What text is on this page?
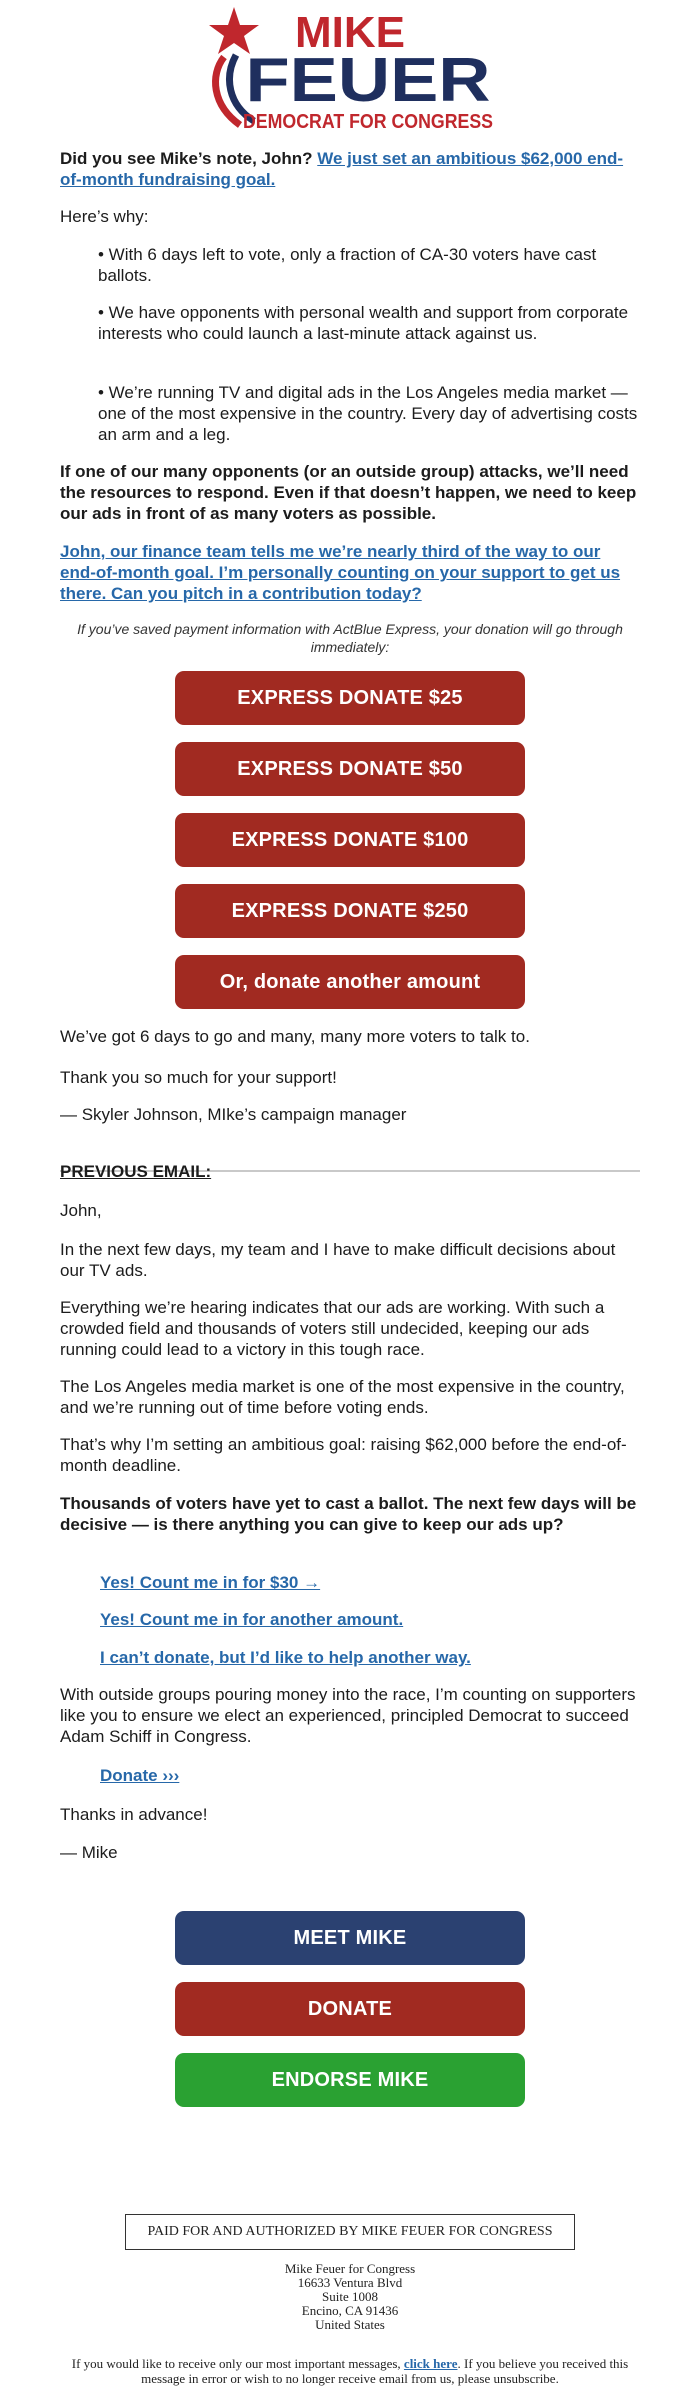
MIKE
FEUER
DEMOCRAT FOR CONGRESS

Did you see Mike’s note, John? We just set an ambitious $62,000 end-of-month fundraising goal.

Here’s why:

• With 6 days left to vote, only a fraction of CA-30 voters have cast ballots.

• We have opponents with personal wealth and support from corporate interests who could launch a last-minute attack against us.

• We’re running TV and digital ads in the Los Angeles media market — one of the most expensive in the country. Every day of advertising costs an arm and a leg.

If one of our many opponents (or an outside group) attacks, we’ll need the resources to respond. Even if that doesn’t happen, we need to keep our ads in front of as many voters as possible.

John, our finance team tells me we’re nearly third of the way to our end-of-month goal. I’m personally counting on your support to get us there. Can you pitch in a contribution today?

If you’ve saved payment information with ActBlue Express, your donation will go through immediately:

EXPRESS DONATE $25
EXPRESS DONATE $50
EXPRESS DONATE $100
EXPRESS DONATE $250
Or, donate another amount

We’ve got 6 days to go and many, many more voters to talk to.

Thank you so much for your support!

— Skyler Johnson, MIke’s campaign manager

PREVIOUS EMAIL:

John,

In the next few days, my team and I have to make difficult decisions about our TV ads.

Everything we’re hearing indicates that our ads are working. With such a crowded field and thousands of voters still undecided, keeping our ads running could lead to a victory in this tough race.

The Los Angeles media market is one of the most expensive in the country, and we’re running out of time before voting ends.

That’s why I’m setting an ambitious goal: raising $62,000 before the end-of-month deadline.

Thousands of voters have yet to cast a ballot. The next few days will be decisive — is there anything you can give to keep our ads up?

Yes! Count me in for $30 →

Yes! Count me in for another amount.

I can’t donate, but I’d like to help another way.

With outside groups pouring money into the race, I’m counting on supporters like you to ensure we elect an experienced, principled Democrat to succeed Adam Schiff in Congress.

Donate ›››

Thanks in advance!

— Mike

MEET MIKE
DONATE
ENDORSE MIKE
PAID FOR AND AUTHORIZED BY MIKE FEUER FOR CONGRESS
Mike Feuer for Congress
16633 Ventura Blvd
Suite 1008
Encino, CA 91436
United States
If you would like to receive only our most important messages, click here. If you believe you received this message in error or wish to no longer receive email from us, please unsubscribe.
